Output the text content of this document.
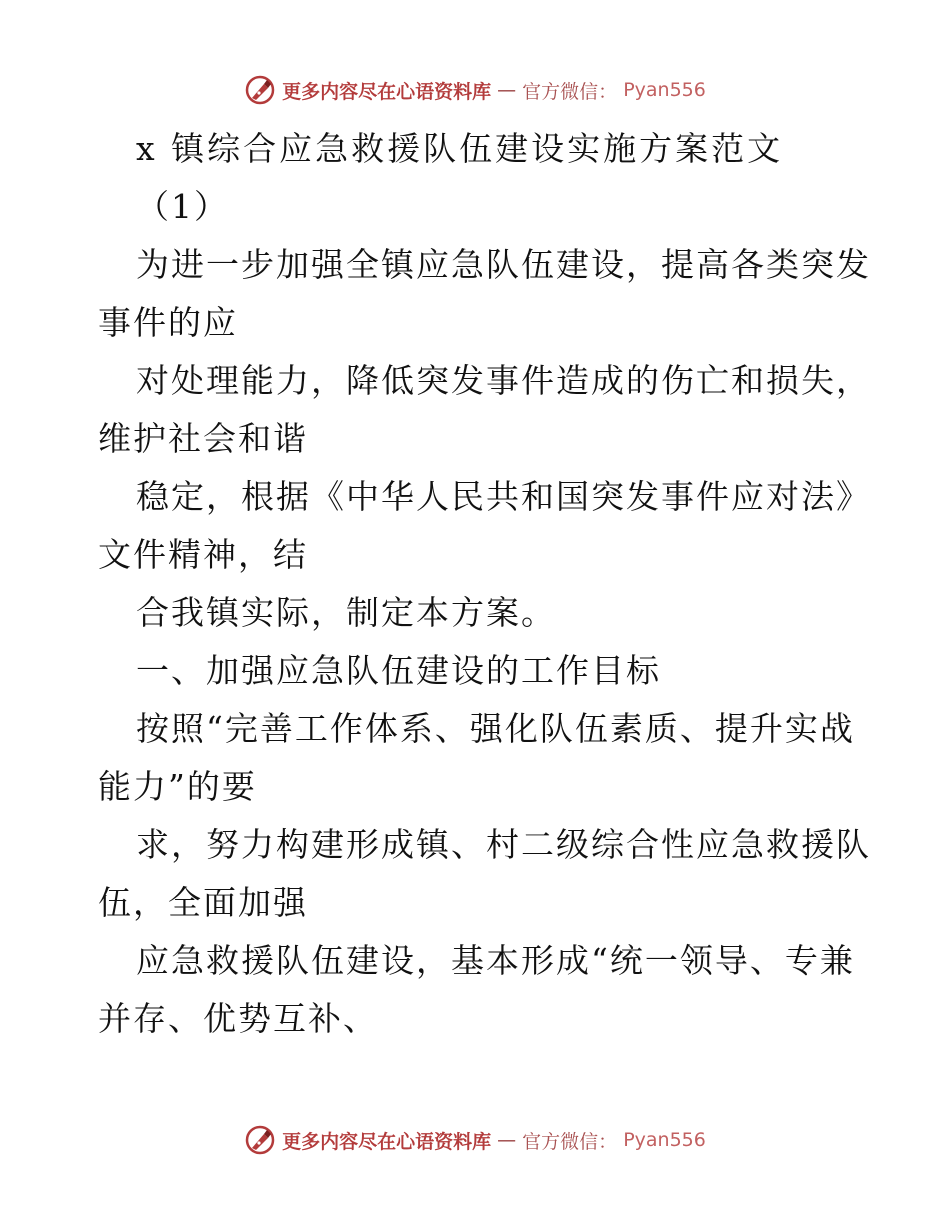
更多内容尽在心语资料库 — 官方微信： Pyan556
x 镇综合应急救援队伍建设实施方案范文
（1）
为进一步加强全镇应急队伍建设，提高各类突发
事件的应
对处理能力，降低突发事件造成的伤亡和损失，
维护社会和谐
稳定，根据《中华人民共和国突发事件应对法》
文件精神，结
合我镇实际，制定本方案。
一、加强应急队伍建设的工作目标
按照“完善工作体系、强化队伍素质、提升实战
能力”的要
求，努力构建形成镇、村二级综合性应急救援队
伍，全面加强
应急救援队伍建设，基本形成“统一领导、专兼
并存、优势互补、
更多内容尽在心语资料库 — 官方微信： Pyan556
